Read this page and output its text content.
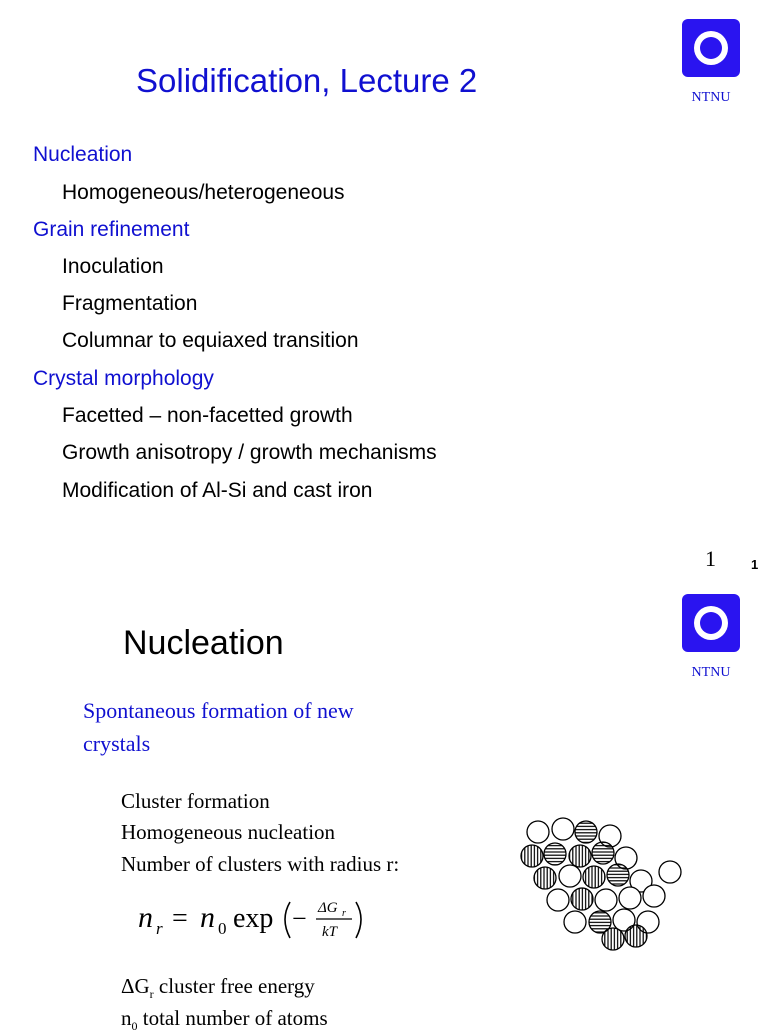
Solidification, Lecture 2	NTNU
Nucleation
Homogeneous/heterogeneous
Grain refinement
Inoculation
Fragmentation
Columnar to equiaxed transition
Crystal morphology
Facetted – non-facetted growth
Growth anisotropy / growth mechanisms
Modification of Al-Si and cast iron
1	1
Nucleation
NTNU
Spontaneous formation of new crystals
Cluster formation
Homogeneous nucleation
Number of clusters with radius r:
n r = n 0 exp − ΔG r
kT
$\Delta G_r$ cluster free energy
$n_0$ total number of atoms
